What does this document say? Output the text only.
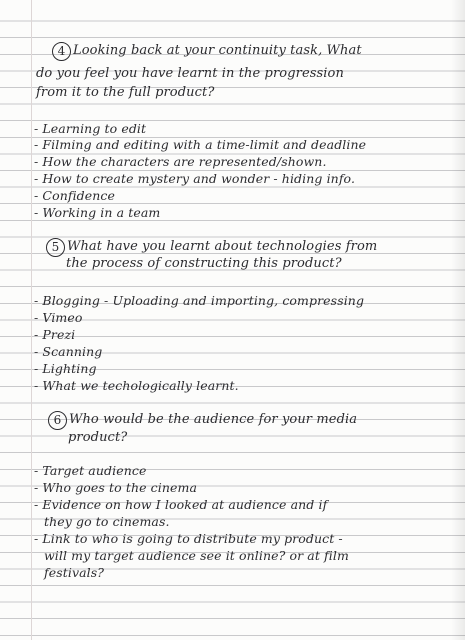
4 Looking back at your continuity task, What

do you feel you have learnt in the progression

from it to the full product?

- Learning to edit

- Filming and editing with a time-limit and deadline

- How the characters are represented/shown.

- How to create mystery and wonder - hiding info.

- Confidence

- Working in a team

5 What have you learnt about technologies from

the process of constructing this product?

- Blogging - Uploading and importing, compressing

- Vimeo

- Prezi

- Scanning

- Lighting

- What we techologically learnt.

6 Who would be the audience for your media

product?

- Target audience

- Who goes to the cinema

- Evidence on how I looked at audience and if

they go to cinemas.

- Link to who is going to distribute my product -

will my target audience see it online? or at film

festivals?
